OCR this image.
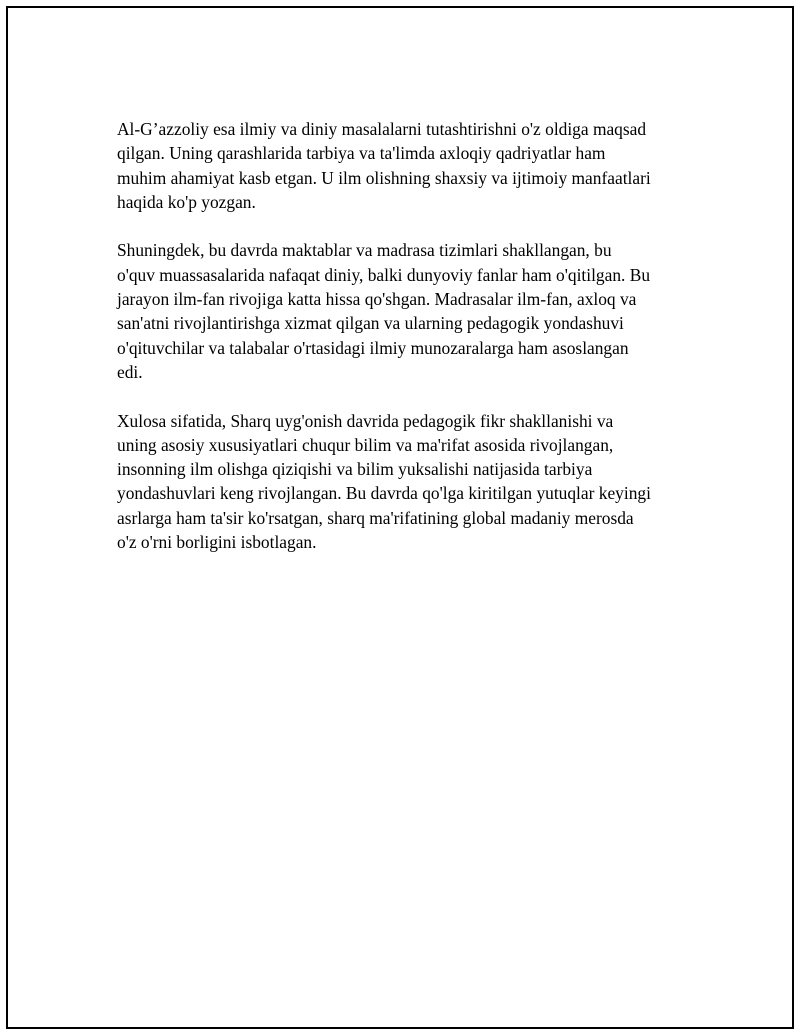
Al-G’azzoliy esa ilmiy va diniy masalalarni tutashtirishni o'z oldiga maqsad
qilgan. Uning qarashlarida tarbiya va ta'limda axloqiy qadriyatlar ham
muhim ahamiyat kasb etgan. U ilm olishning shaxsiy va ijtimoiy manfaatlari
haqida ko'p yozgan.

Shuningdek, bu davrda maktablar va madrasa tizimlari shakllangan, bu
o'quv muassasalarida nafaqat diniy, balki dunyoviy fanlar ham o'qitilgan. Bu
jarayon ilm-fan rivojiga katta hissa qo'shgan. Madrasalar ilm-fan, axloq va
san'atni rivojlantirishga xizmat qilgan va ularning pedagogik yondashuvi
o'qituvchilar va talabalar o'rtasidagi ilmiy munozaralarga ham asoslangan
edi.

Xulosa sifatida, Sharq uyg'onish davrida pedagogik fikr shakllanishi va
uning asosiy xususiyatlari chuqur bilim va ma'rifat asosida rivojlangan,
insonning ilm olishga qiziqishi va bilim yuksalishi natijasida tarbiya
yondashuvlari keng rivojlangan. Bu davrda qo'lga kiritilgan yutuqlar keyingi
asrlarga ham ta'sir ko'rsatgan, sharq ma'rifatining global madaniy merosda
o'z o'rni borligini isbotlagan.
